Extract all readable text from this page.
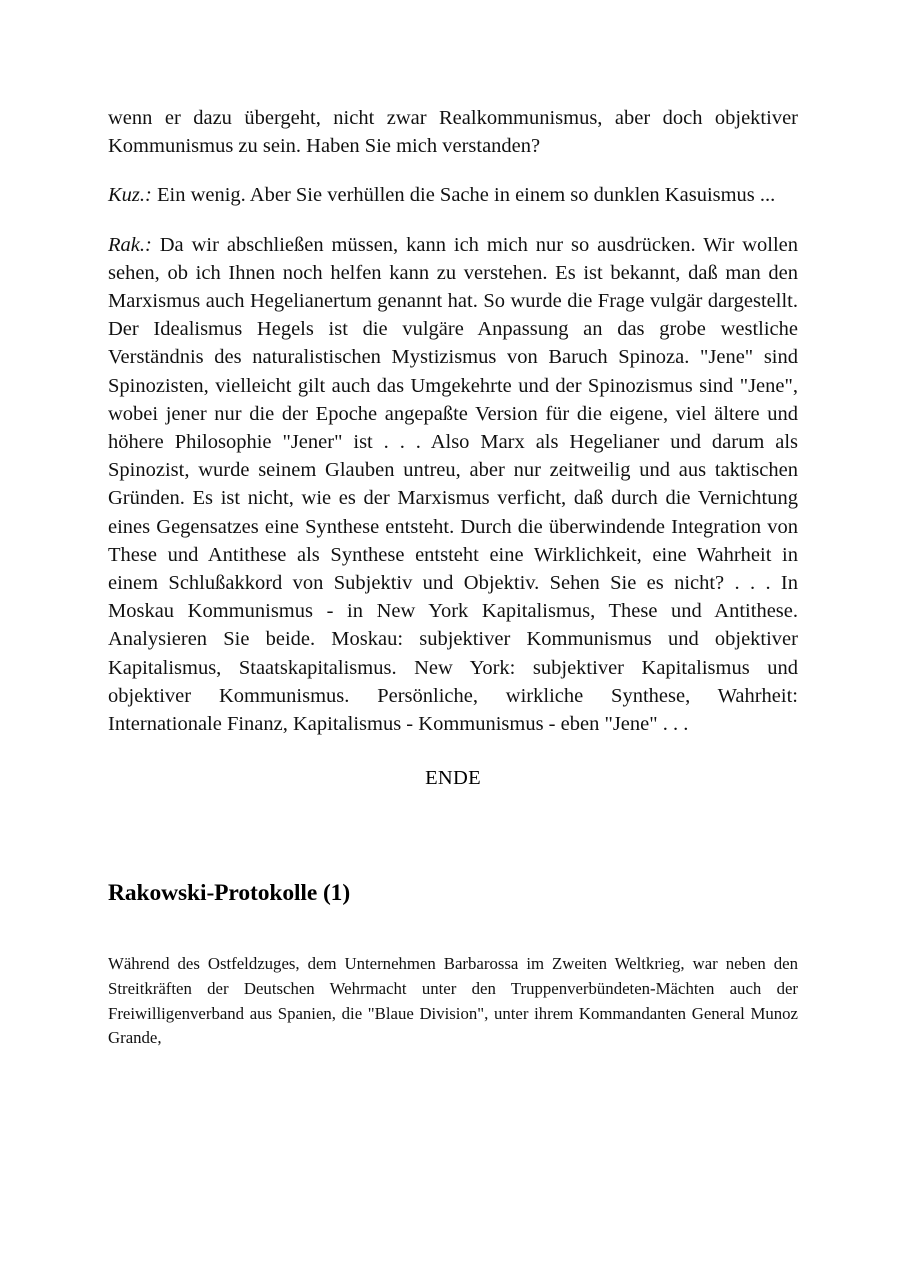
wenn er dazu übergeht, nicht zwar Realkommunismus, aber doch objektiver Kommunismus zu sein. Haben Sie mich verstanden?

Kuz.: Ein wenig. Aber Sie verhüllen die Sache in einem so dunklen Kasuismus ...

Rak.: Da wir abschließen müssen, kann ich mich nur so ausdrücken. Wir wollen sehen, ob ich Ihnen noch helfen kann zu verstehen. Es ist bekannt, daß man den Marxismus auch Hegelianertum genannt hat. So wurde die Frage vulgär dargestellt. Der Idealismus Hegels ist die vulgäre Anpassung an das grobe westliche Verständnis des naturalistischen Mystizismus von Baruch Spinoza. "Jene" sind Spinozisten, vielleicht gilt auch das Umgekehrte und der Spinozismus sind "Jene", wobei jener nur die der Epoche angepaßte Version für die eigene, viel ältere und höhere Philosophie "Jener" ist . . . Also Marx als Hegelianer und darum als Spinozist, wurde seinem Glauben untreu, aber nur zeitweilig und aus taktischen Gründen. Es ist nicht, wie es der Marxismus verficht, daß durch die Vernichtung eines Gegensatzes eine Synthese entsteht. Durch die überwindende Integration von These und Antithese als Synthese entsteht eine Wirklichkeit, eine Wahrheit in einem Schlußakkord von Subjektiv und Objektiv. Sehen Sie es nicht? . . . In Moskau Kommunismus - in New York Kapitalismus, These und Antithese. Analysieren Sie beide. Moskau: subjektiver Kommunismus und objektiver Kapitalismus, Staatskapitalismus. New York: subjektiver Kapitalismus und objektiver Kommunismus. Persönliche, wirkliche Synthese, Wahrheit: Internationale Finanz, Kapitalismus - Kommunismus - eben "Jene" . . .

ENDE
Rakowski-Protokolle (1)

Während des Ostfeldzuges, dem Unternehmen Barbarossa im Zweiten Weltkrieg, war neben den Streitkräften der Deutschen Wehrmacht unter den Truppenverbündeten-Mächten auch der Freiwilligenverband aus Spanien, die "Blaue Division", unter ihrem Kommandanten General Munoz Grande,
